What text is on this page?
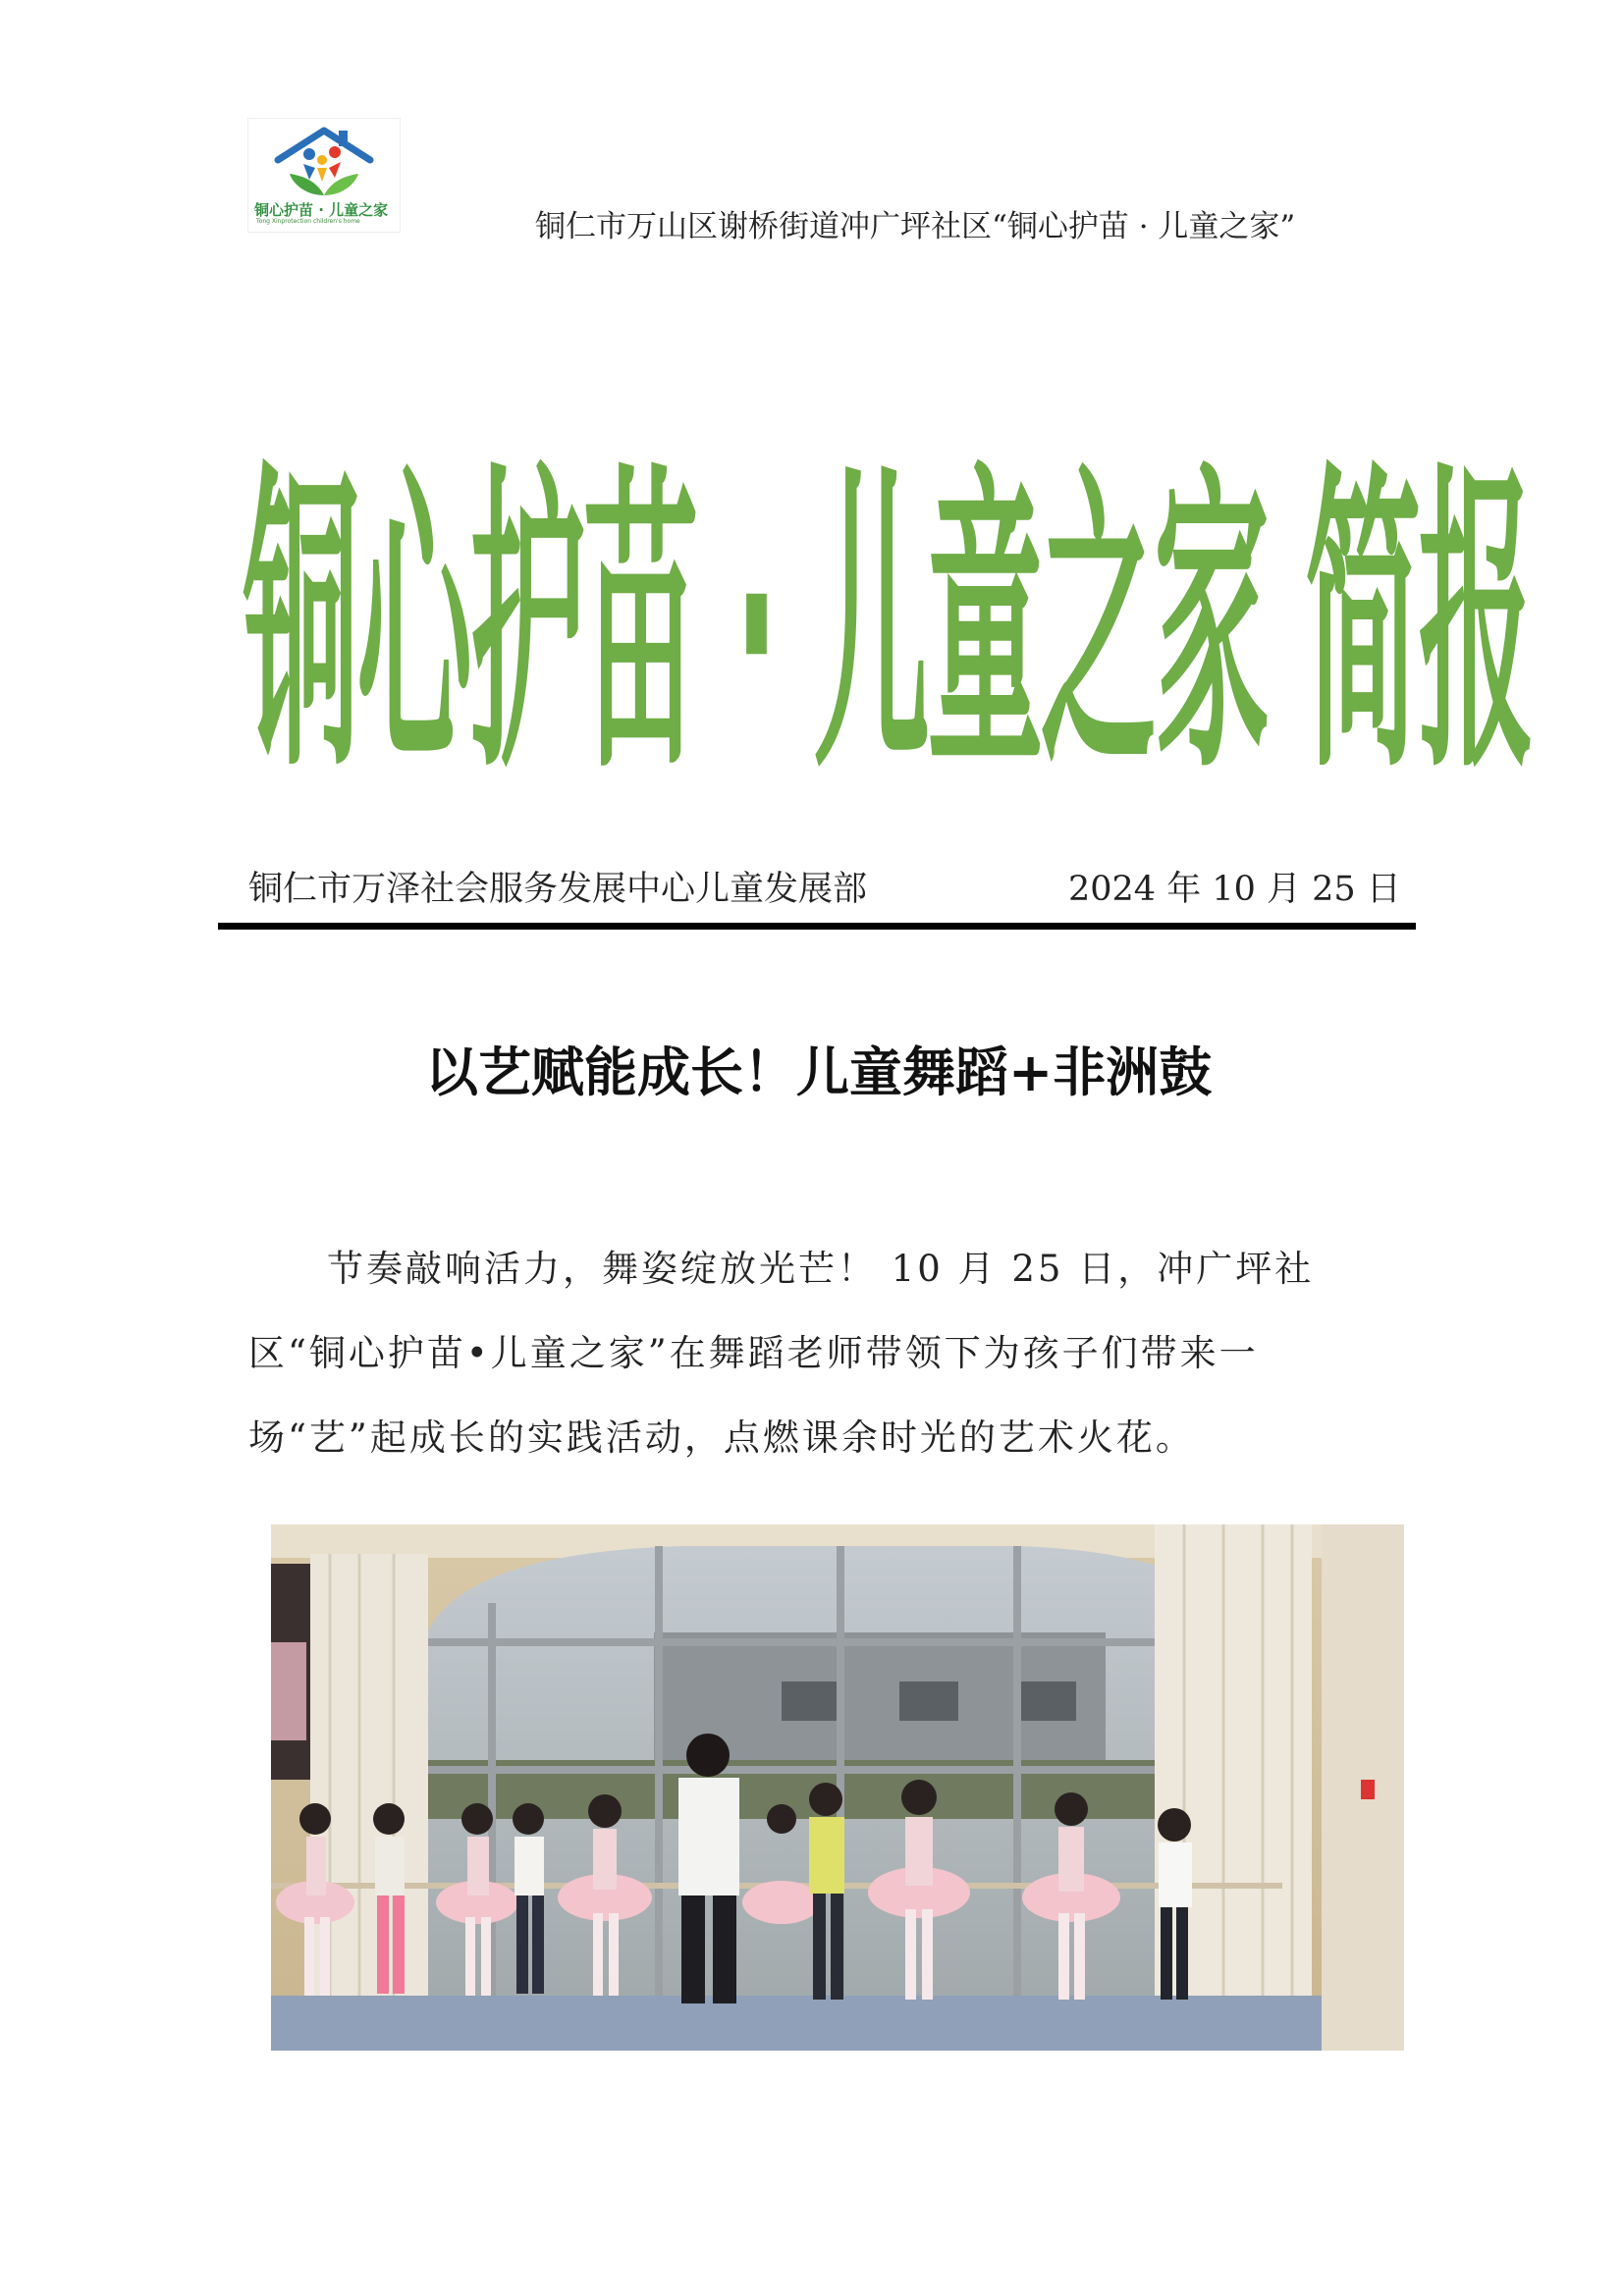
铜心护苗 · 儿童之家
Tong Xinprotection children's home	铜仁市万山区谢桥街道冲广坪社区“铜心护苗 · 儿童之家”
铜心护苗 · 儿童之家 简报
铜仁市万泽社会服务发展中心儿童发展部	2024 年 10 月 25 日
以艺赋能成长！儿童舞蹈+非洲鼓
　　节奏敲响活力，舞姿绽放光芒！ 10 月 25 日，冲广坪社
区“铜心护苗•儿童之家”在舞蹈老师带领下为孩子们带来一
场“艺”起成长的实践活动，点燃课余时光的艺术火花。
